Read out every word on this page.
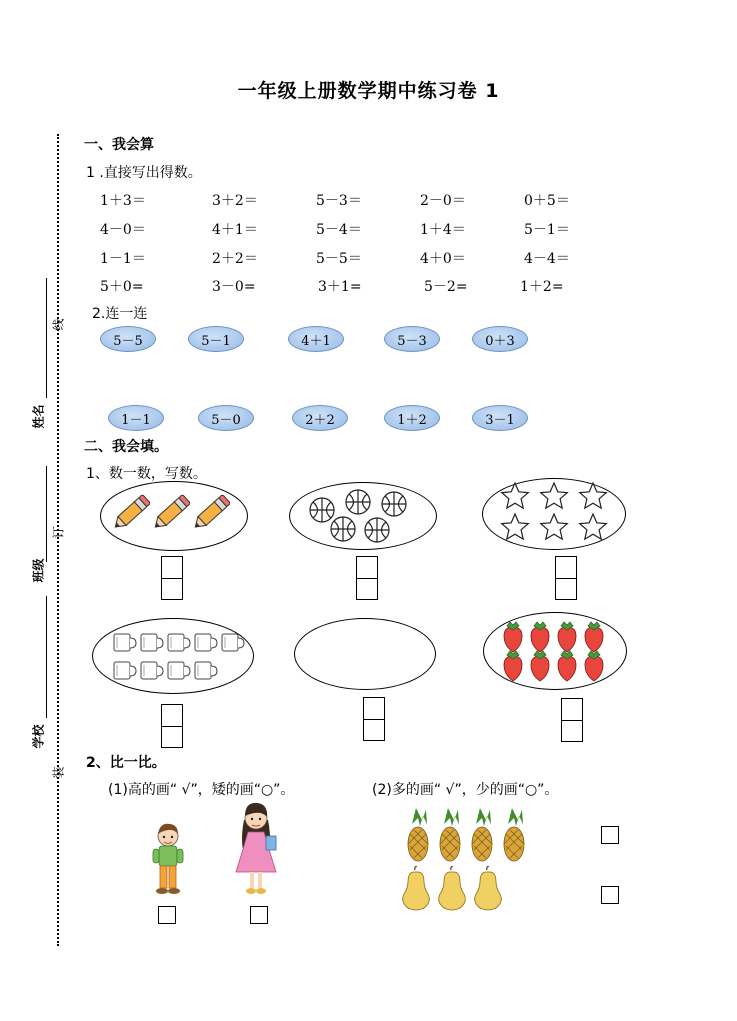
一年级上册数学期中练习卷 1
姓名
班级
学校
线
订
装
一、我会算
1 .直接写出得数。
1＋3＝	3＋2＝	5－3＝	2－0＝	0＋5＝
4－0＝	4＋1＝	5－4＝	1＋4＝	5－1＝
1－1＝	2＋2＝	5－5＝	4＋0＝	4－4＝
5＋0=	3－0=	3＋1=	5－2=	1＋2=
2.连一连
5－5	5－1	4＋1	5－3	0＋3
1－1	5－0	2＋2	1＋2	3－1
二、我会填。
1、数一数，写数。
2、比一比。
(1)高的画“ √”，矮的画“○”。	(2)多的画“ √”，少的画“○”。
